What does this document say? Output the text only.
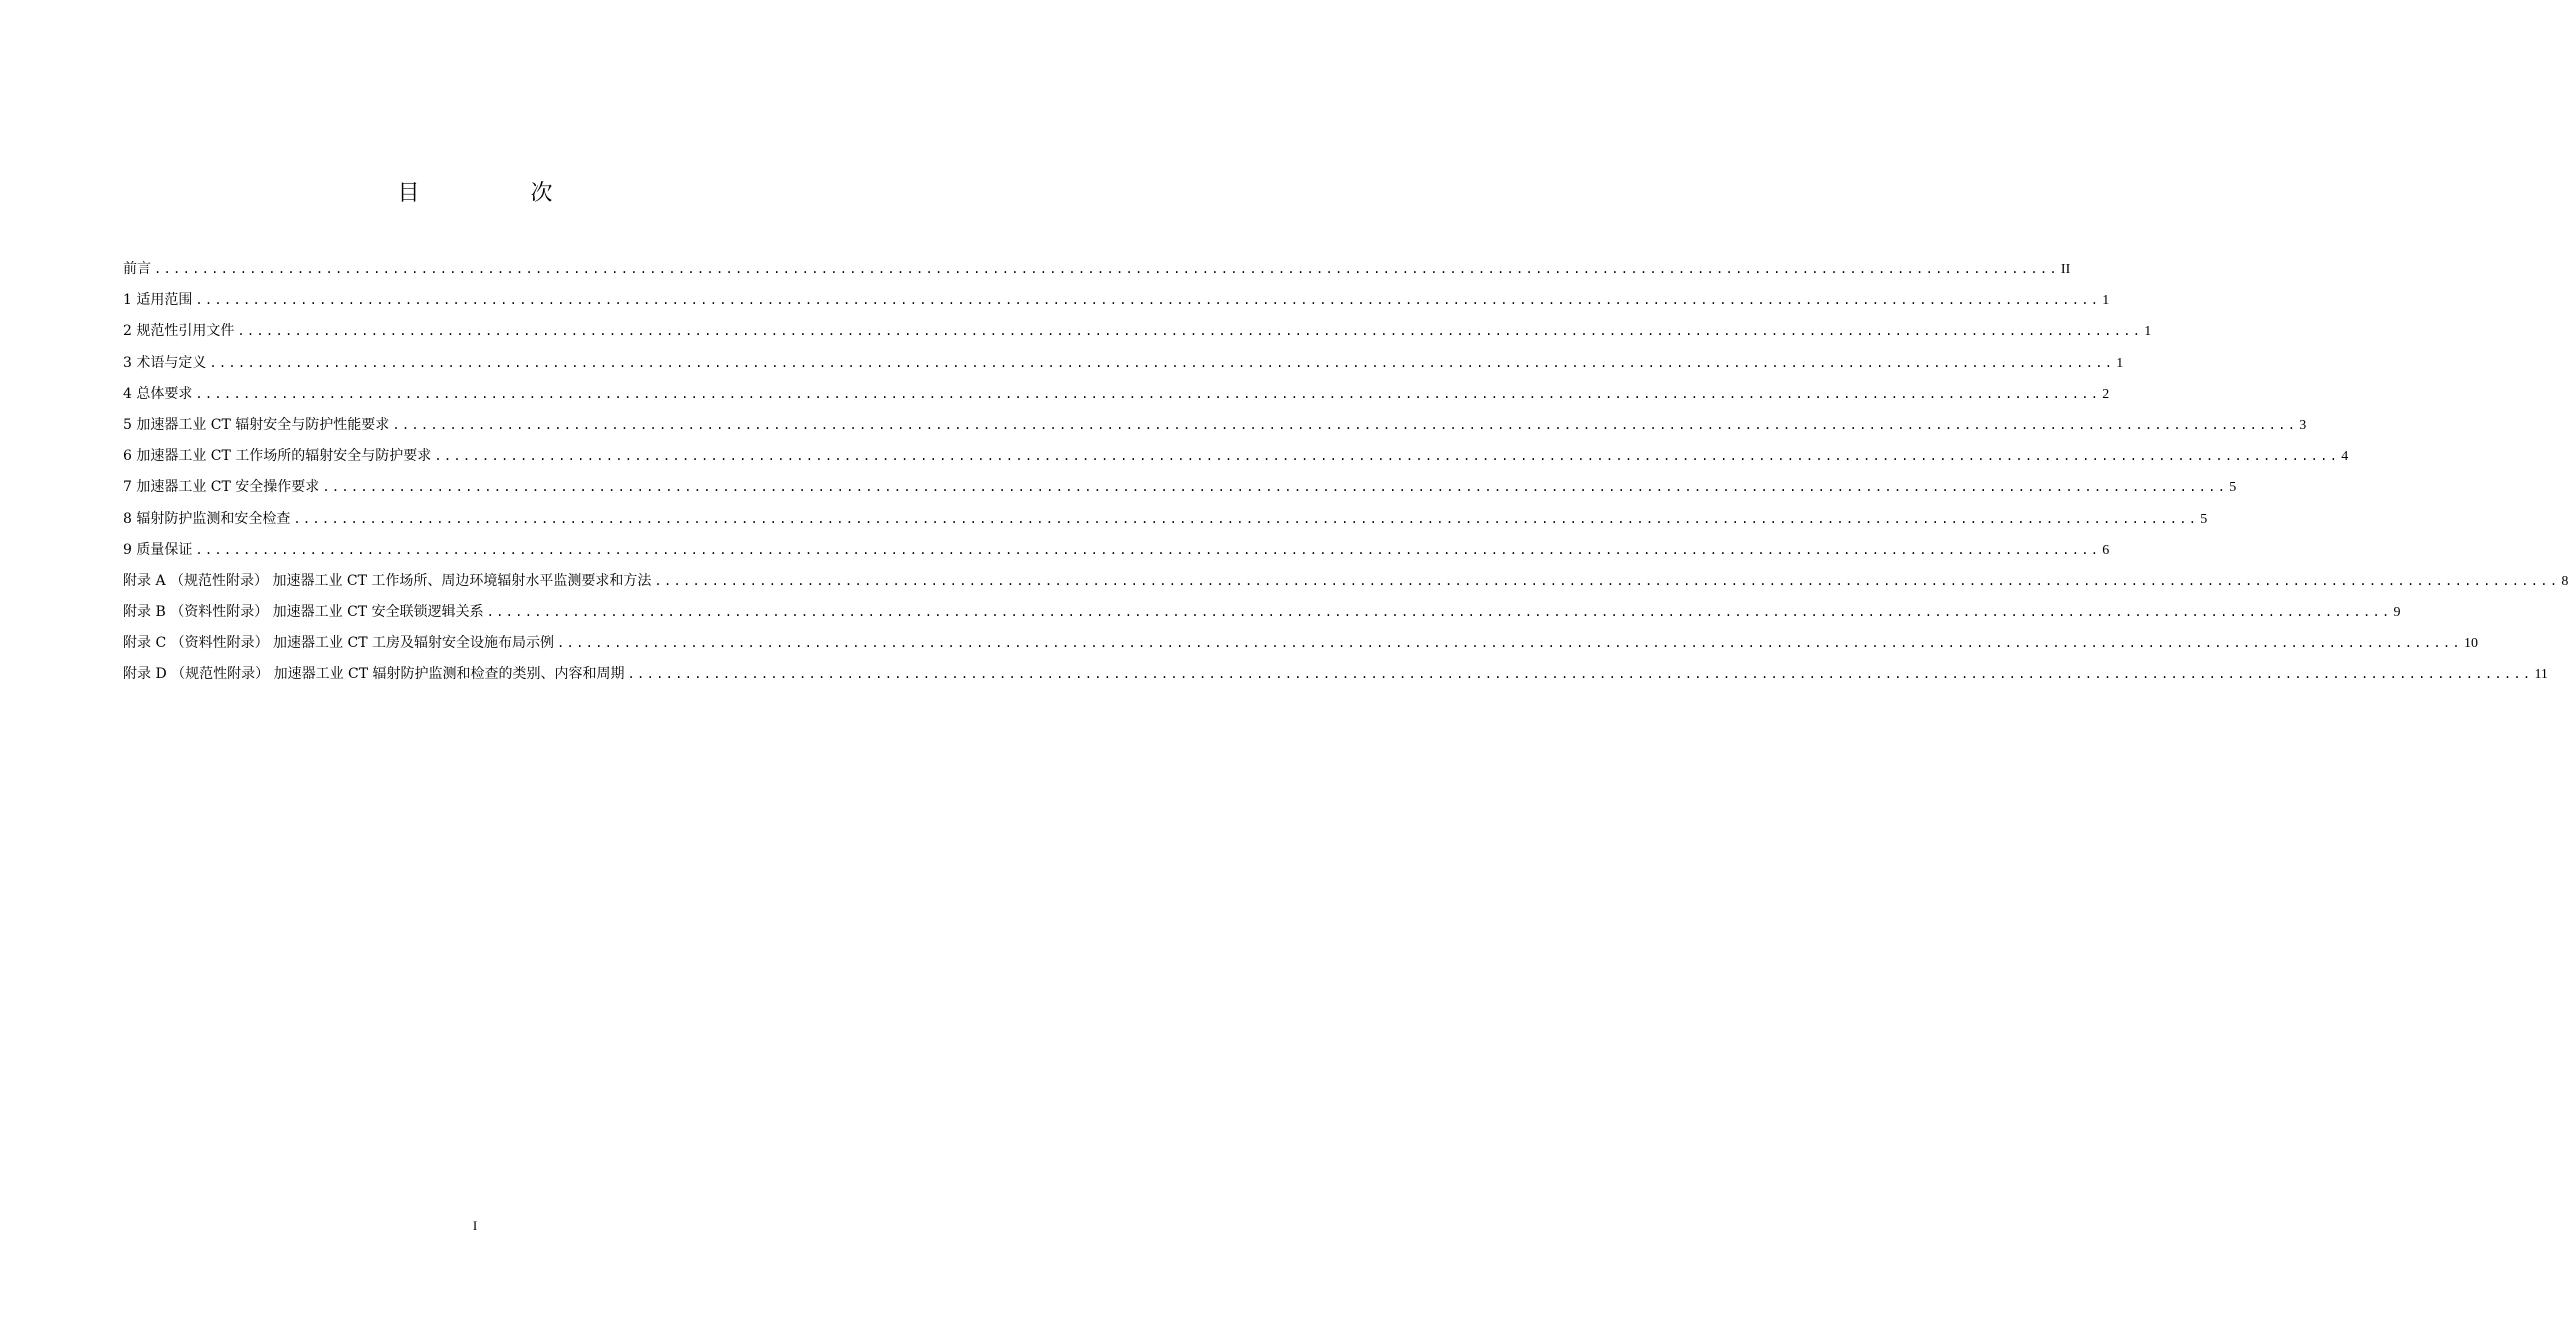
目 次
前言 ........................................................................................................................................................................................................ II
1 适用范围 ........................................................................................................................................................................................................ 1
2 规范性引用文件 ........................................................................................................................................................................................................ 1
3 术语与定义 ........................................................................................................................................................................................................ 1
4 总体要求 ........................................................................................................................................................................................................ 2
5 加速器工业 CT 辐射安全与防护性能要求 ........................................................................................................................................................................................................ 3
6 加速器工业 CT 工作场所的辐射安全与防护要求 ........................................................................................................................................................................................................ 4
7 加速器工业 CT 安全操作要求 ........................................................................................................................................................................................................ 5
8 辐射防护监测和安全检查 ........................................................................................................................................................................................................ 5
9 质量保证 ........................................................................................................................................................................................................ 6
附录 A （规范性附录） 加速器工业 CT 工作场所、周边环境辐射水平监测要求和方法 ........................................................................................................................................................................................................ 8
附录 B （资料性附录） 加速器工业 CT 安全联锁逻辑关系 ........................................................................................................................................................................................................ 9
附录 C （资料性附录） 加速器工业 CT 工房及辐射安全设施布局示例 ........................................................................................................................................................................................................ 10
附录 D （规范性附录） 加速器工业 CT 辐射防护监测和检查的类别、内容和周期 ........................................................................................................................................................................................................ 11
I
